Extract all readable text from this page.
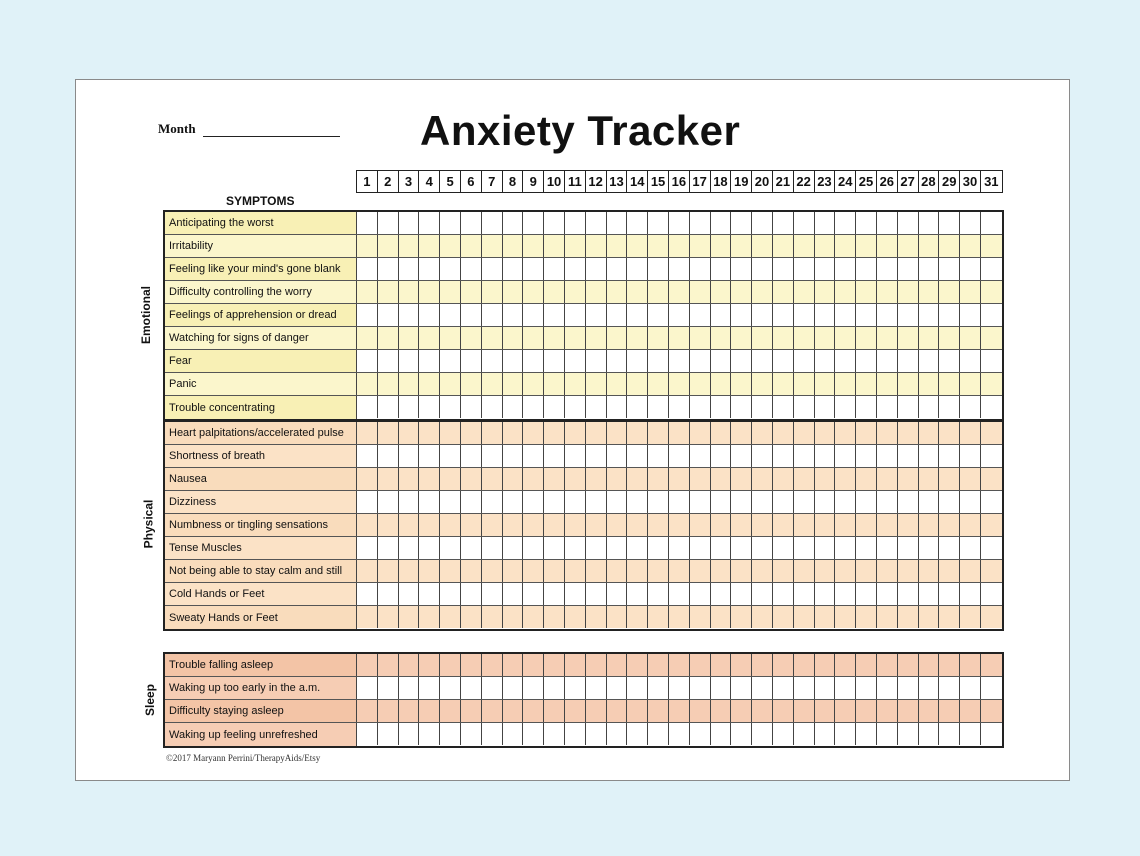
Month	Anxiety Tracker
1	2	3	4	5	6	7	8	9 10 11 12 13 14 15 16 17 18 19 20 21 22 23 24 25 26 27 28 29 30 31
SYMPTOMS
Anticipating the worst
Irritability
Feeling like your mind's gone blank
Difficulty controlling the worry
Feelings of apprehension or dread
Watching for signs of danger
Fear
Panic
Trouble concentrating
Emotional
Heart palpitations/accelerated pulse
Shortness of breath
Nausea
Dizziness
Numbness or tingling sensations
Tense Muscles
Not being able to stay calm and still
Cold Hands or Feet
Sweaty Hands or Feet
Physical
Trouble falling asleep
Waking up too early in the a.m.
Difficulty staying asleep
Waking up feeling unrefreshed
Sleep
©2017 Maryann Perrini/TherapyAids/Etsy
